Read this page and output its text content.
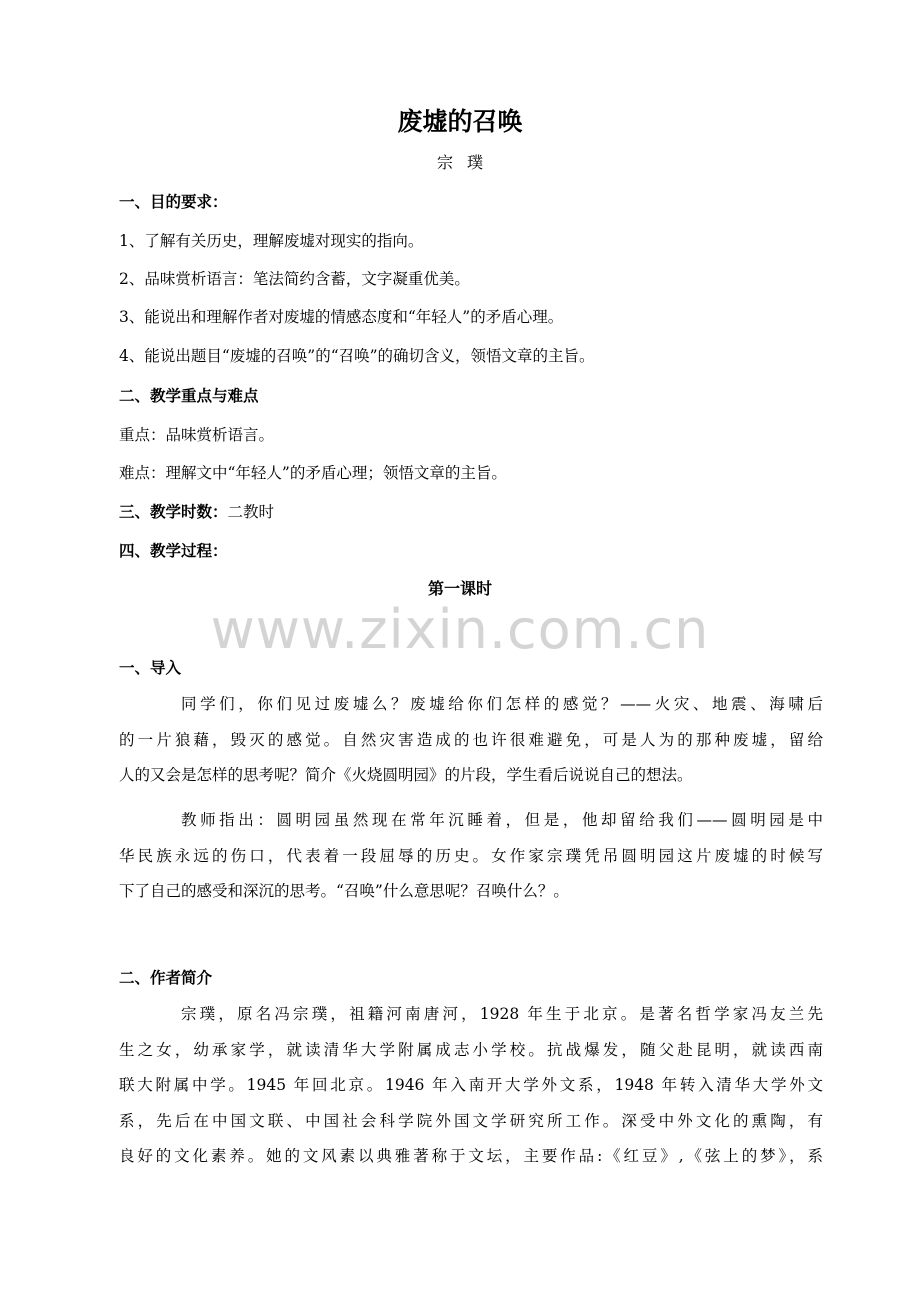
www.zixin.com.cn
废墟的召唤
宗璞
一、目的要求：
1、了解有关历史，理解废墟对现实的指向。
2、品味赏析语言：笔法简约含蓄，文字凝重优美。
3、能说出和理解作者对废墟的情感态度和“年轻人”的矛盾心理。
4、能说出题目“废墟的召唤”的“召唤”的确切含义，领悟文章的主旨。
二、教学重点与难点
重点：品味赏析语言。
难点：理解文中“年轻人”的矛盾心理；领悟文章的主旨。
三、教学时数：二教时
四、教学过程：
第一课时
一、导入
同学们，你们见过废墟么？废墟给你们怎样的感觉？——火灾、地震、海啸后
的一片狼藉，毁灭的感觉。自然灾害造成的也许很难避免，可是人为的那种废墟，留给
人的又会是怎样的思考呢？简介《火烧圆明园》的片段，学生看后说说自己的想法。
教师指出：圆明园虽然现在常年沉睡着，但是，他却留给我们——圆明园是中
华民族永远的伤口，代表着一段屈辱的历史。女作家宗璞凭吊圆明园这片废墟的时候写
下了自己的感受和深沉的思考。“召唤”什么意思呢？召唤什么？。
二、作者简介
宗璞，原名冯宗璞，祖籍河南唐河，1928 年生于北京。是著名哲学家冯友兰先
生之女，幼承家学，就读清华大学附属成志小学校。抗战爆发，随父赴昆明，就读西南
联大附属中学。1945 年回北京。1946 年入南开大学外文系，1948 年转入清华大学外文
系，先后在中国文联、中国社会科学院外国文学研究所工作。深受中外文化的熏陶，有
良好的文化素养。她的文风素以典雅著称于文坛，主要作品:《红豆》,《弦上的梦》，系
